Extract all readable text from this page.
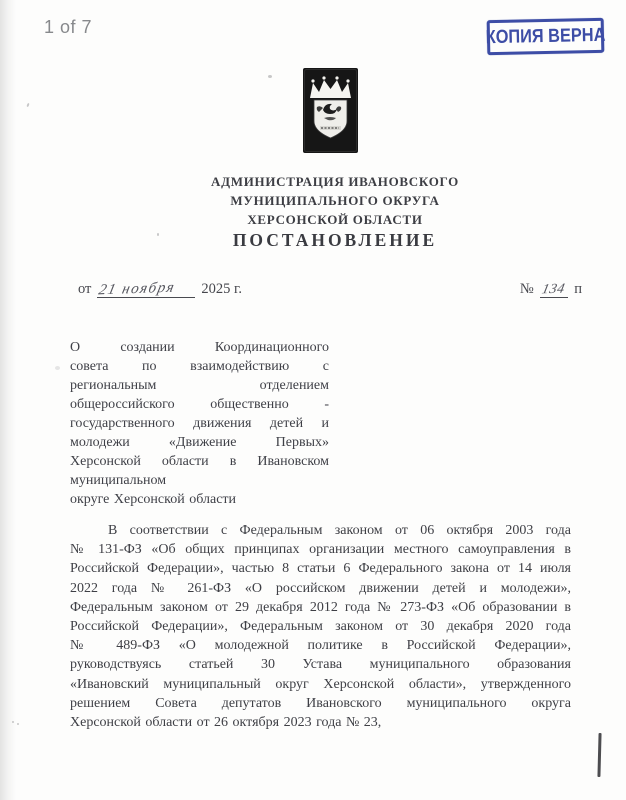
1 of 7	КОПИЯ ВЕРНА
АДМИНИСТРАЦИЯ ИВАНОВСКОГО
МУНИЦИПАЛЬНОГО ОКРУГА
ХЕРСОНСКОЙ ОБЛАСТИ
ПОСТАНОВЛЕНИЕ
от 21 ноября	2025 г.	№ 134 п
О создании Координационного
совета по взаимодействию с
региональным отделением
общероссийского общественно -
государственного движения детей и
молодежи «Движение Первых»
Херсонской области в Ивановском
муниципальном
округе Херсонской области
В соответствии с Федеральным законом от 06 октября 2003 года
№ 131-ФЗ «Об общих принципах организации местного самоуправления в
Российской Федерации», частью 8 статьи 6 Федерального закона от 14 июля
2022 года № 261-ФЗ «О российском движении детей и молодежи»,
Федеральным законом от 29 декабря 2012 года № 273-ФЗ «Об образовании в
Российской Федерации», Федеральным законом от 30 декабря 2020 года
№ 489-ФЗ «О молодежной политике в Российской Федерации»,
руководствуясь статьей 30 Устава муниципального образования
«Ивановский муниципальный округ Херсонской области», утвержденного
решением Совета депутатов Ивановского муниципального округа
Херсонской области от 26 октября 2023 года № 23,
